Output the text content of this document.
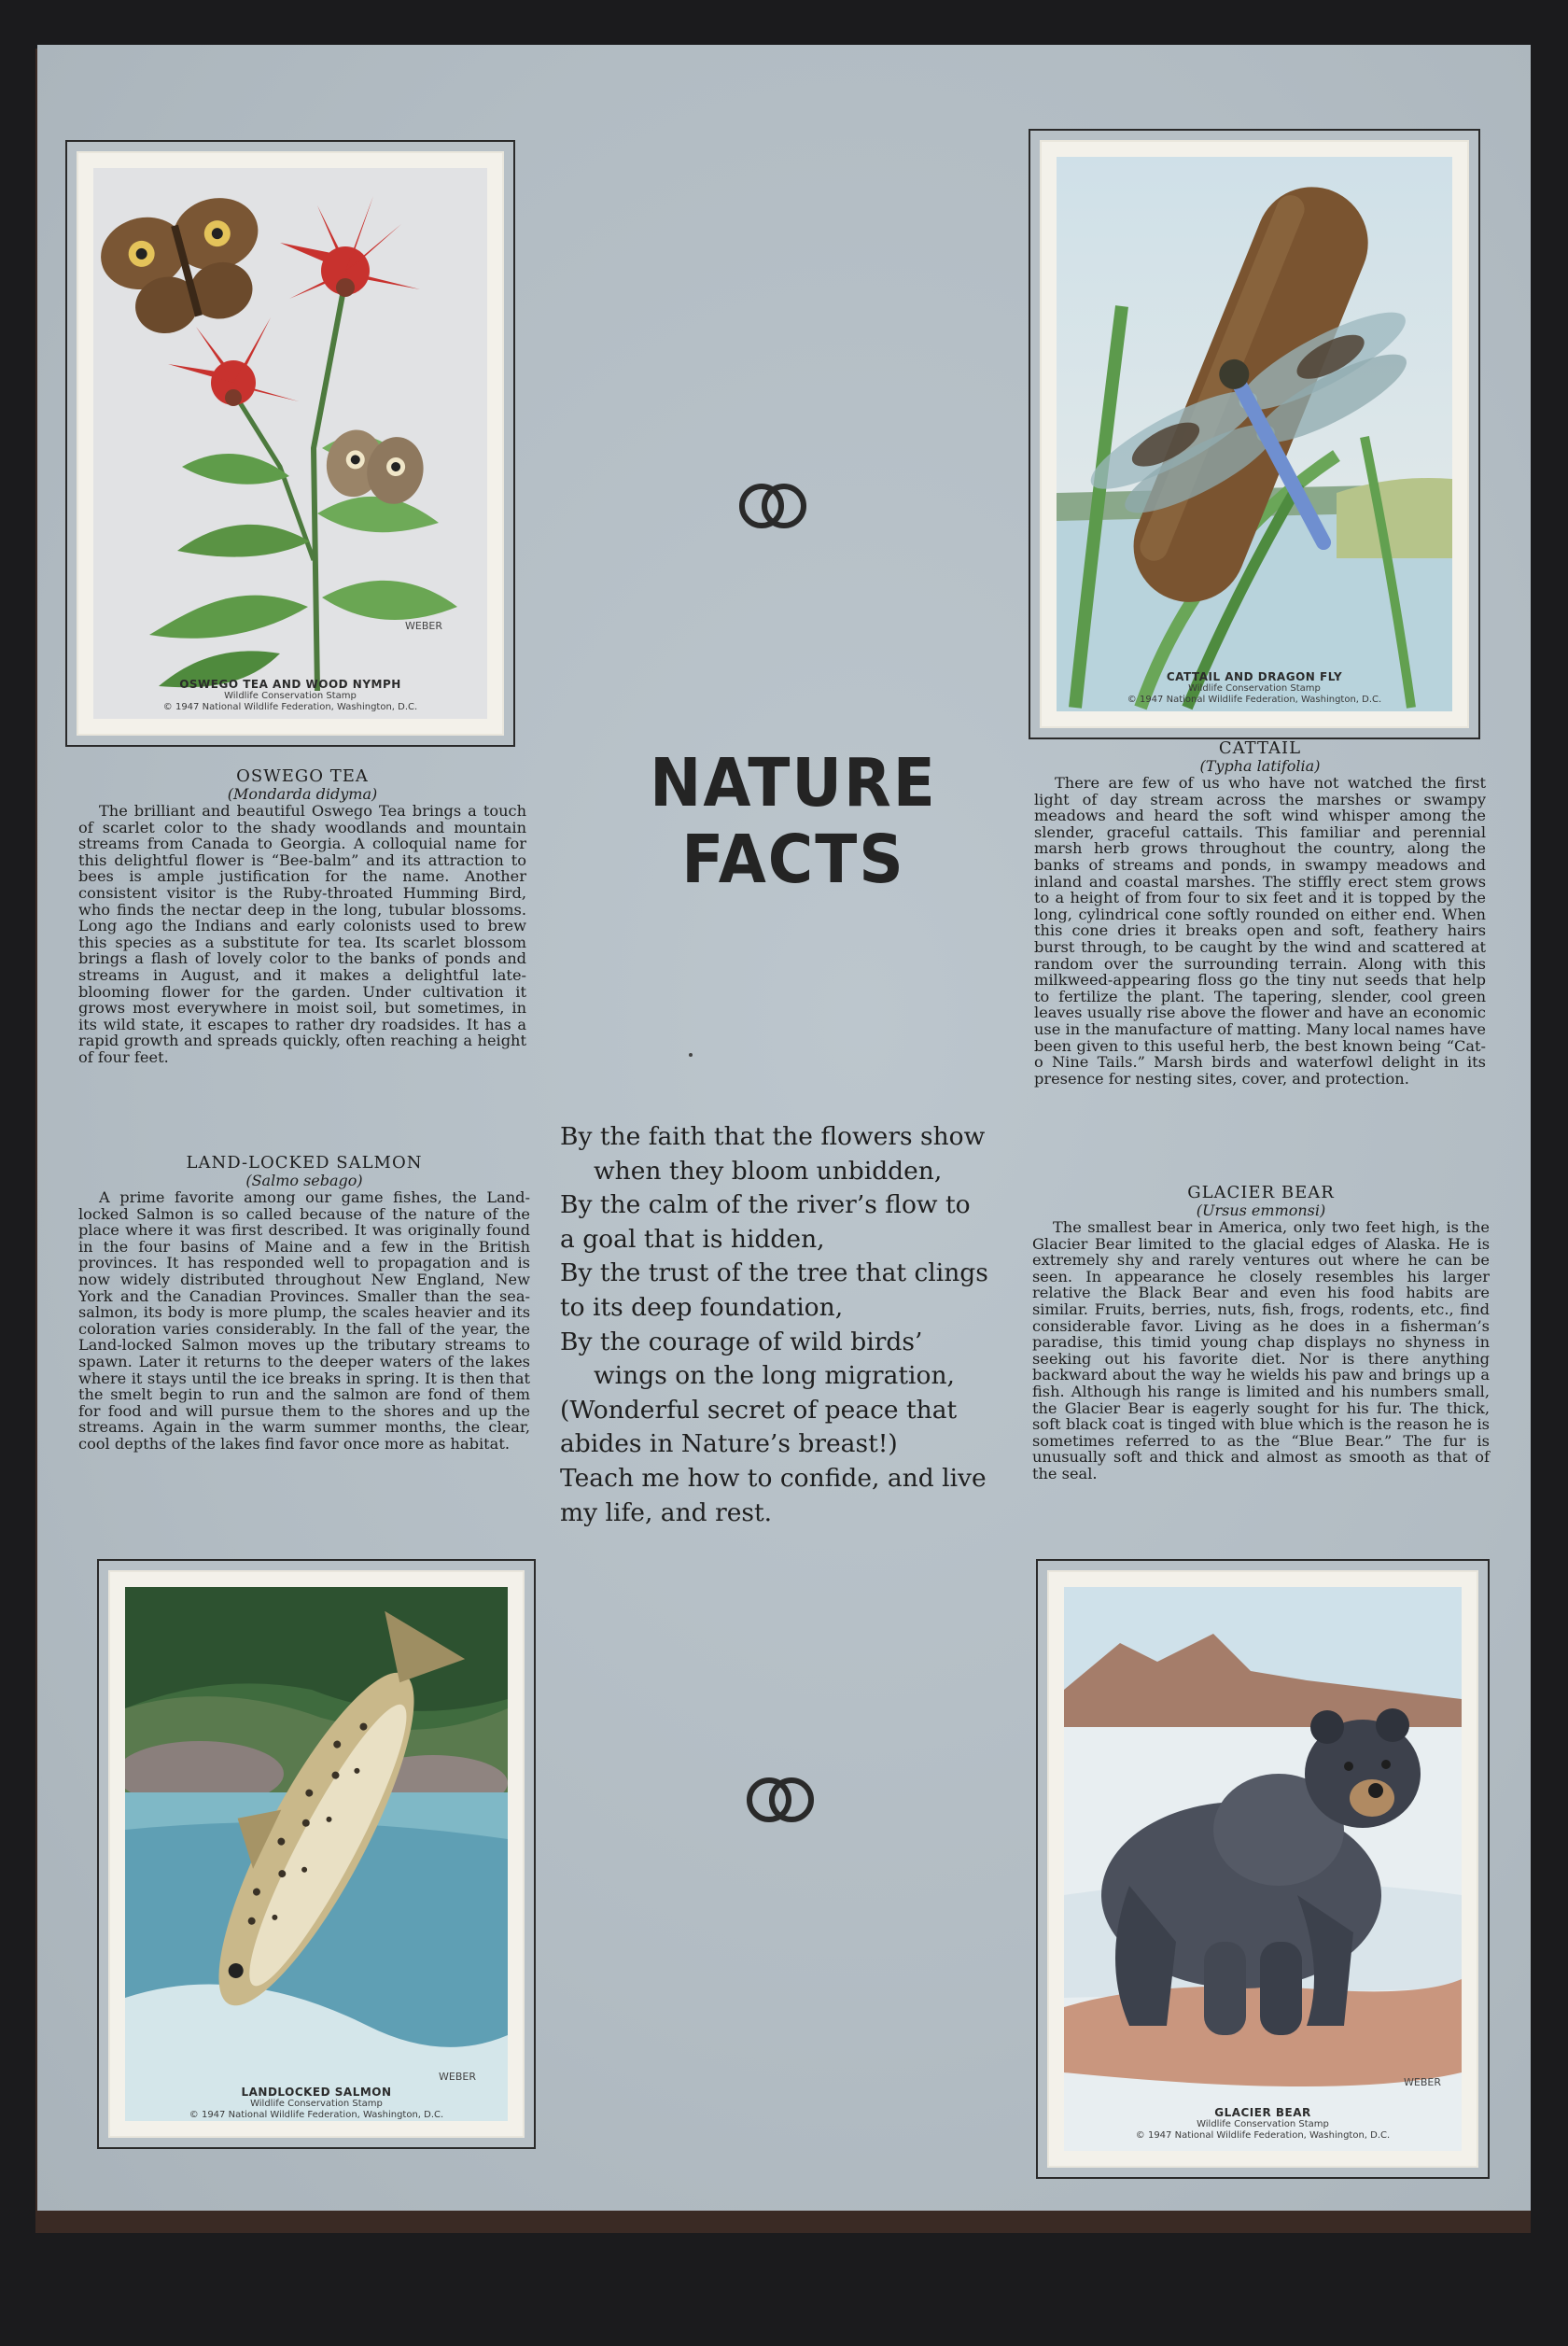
WEBER
OSWEGO TEA AND WOOD NYMPH
Wildlife Conservation Stamp
© 1947 National Wildlife Federation, Washington, D.C.
CATTAIL AND DRAGON FLY
Wildlife Conservation Stamp
© 1947 National Wildlife Federation, Washington, D.C.
WEBER
LANDLOCKED SALMON
Wildlife Conservation Stamp
© 1947 National Wildlife Federation, Washington, D.C.
WEBER
GLACIER BEAR
Wildlife Conservation Stamp
© 1947 National Wildlife Federation, Washington, D.C.
NATURE
FACTS
OSWEGO TEA
(Mondarda didyma)

The brilliant and beautiful Oswego Tea brings a touch of scarlet color to the shady woodlands and mountain streams from Canada to Georgia. A colloquial name for this delightful flower is “Bee-balm” and its attraction to bees is ample justification for the name. Another consistent visitor is the Ruby-throated Humming Bird, who finds the nectar deep in the long, tubular blossoms. Long ago the Indians and early colonists used to brew this species as a substitute for tea. Its scarlet blossom brings a flash of lovely color to the banks of ponds and streams in August, and it makes a delightful late-blooming flower for the garden. Under cultivation it grows most everywhere in moist soil, but sometimes, in its wild state, it escapes to rather dry roadsides. It has a rapid growth and spreads quickly, often reaching a height of four feet.

LAND-LOCKED SALMON
(Salmo sebago)

A prime favorite among our game fishes, the Land-locked Salmon is so called because of the nature of the place where it was first described. It was originally found in the four basins of Maine and a few in the British provinces. It has responded well to propagation and is now widely distributed throughout New England, New York and the Canadian Provinces. Smaller than the sea-salmon, its body is more plump, the scales heavier and its coloration varies considerably. In the fall of the year, the Land-locked Salmon moves up the tributary streams to spawn. Later it returns to the deeper waters of the lakes where it stays until the ice breaks in spring. It is then that the smelt begin to run and the salmon are fond of them for food and will pursue them to the shores and up the streams. Again in the warm summer months, the clear, cool depths of the lakes find favor once more as habitat.

CATTAIL
(Typha latifolia)

There are few of us who have not watched the first light of day stream across the marshes or swampy meadows and heard the soft wind whisper among the slender, graceful cattails. This familiar and perennial marsh herb grows throughout the country, along the banks of streams and ponds, in swampy meadows and inland and coastal marshes. The stiffly erect stem grows to a height of from four to six feet and it is topped by the long, cylindrical cone softly rounded on either end. When this cone dries it breaks open and soft, feathery hairs burst through, to be caught by the wind and scattered at random over the surrounding terrain. Along with this milkweed-appearing floss go the tiny nut seeds that help to fertilize the plant. The tapering, slender, cool green leaves usually rise above the flower and have an economic use in the manufacture of matting. Many local names have been given to this useful herb, the best known being “Cat-o Nine Tails.” Marsh birds and waterfowl delight in its presence for nesting sites, cover, and protection.

GLACIER BEAR
(Ursus emmonsi)

The smallest bear in America, only two feet high, is the Glacier Bear limited to the glacial edges of Alaska. He is extremely shy and rarely ventures out where he can be seen. In appearance he closely resembles his larger relative the Black Bear and even his food habits are similar. Fruits, berries, nuts, fish, frogs, rodents, etc., find considerable favor. Living as he does in a fisherman’s paradise, this timid young chap displays no shyness in seeking out his favorite diet. Nor is there anything backward about the way he wields his paw and brings up a fish. Although his range is limited and his numbers small, the Glacier Bear is eagerly sought for his fur. The thick, soft black coat is tinged with blue which is the reason he is sometimes referred to as the “Blue Bear.” The fur is unusually soft and thick and almost as smooth as that of the seal.

By the faith that the flowers show
when they bloom unbidden,
By the calm of the river’s flow to
a goal that is hidden,
By the trust of the tree that clings
to its deep foundation,
By the courage of wild birds’
wings on the long migration,
(Wonderful secret of peace that
abides in Nature’s breast!)
Teach me how to confide, and live
my life, and rest.
